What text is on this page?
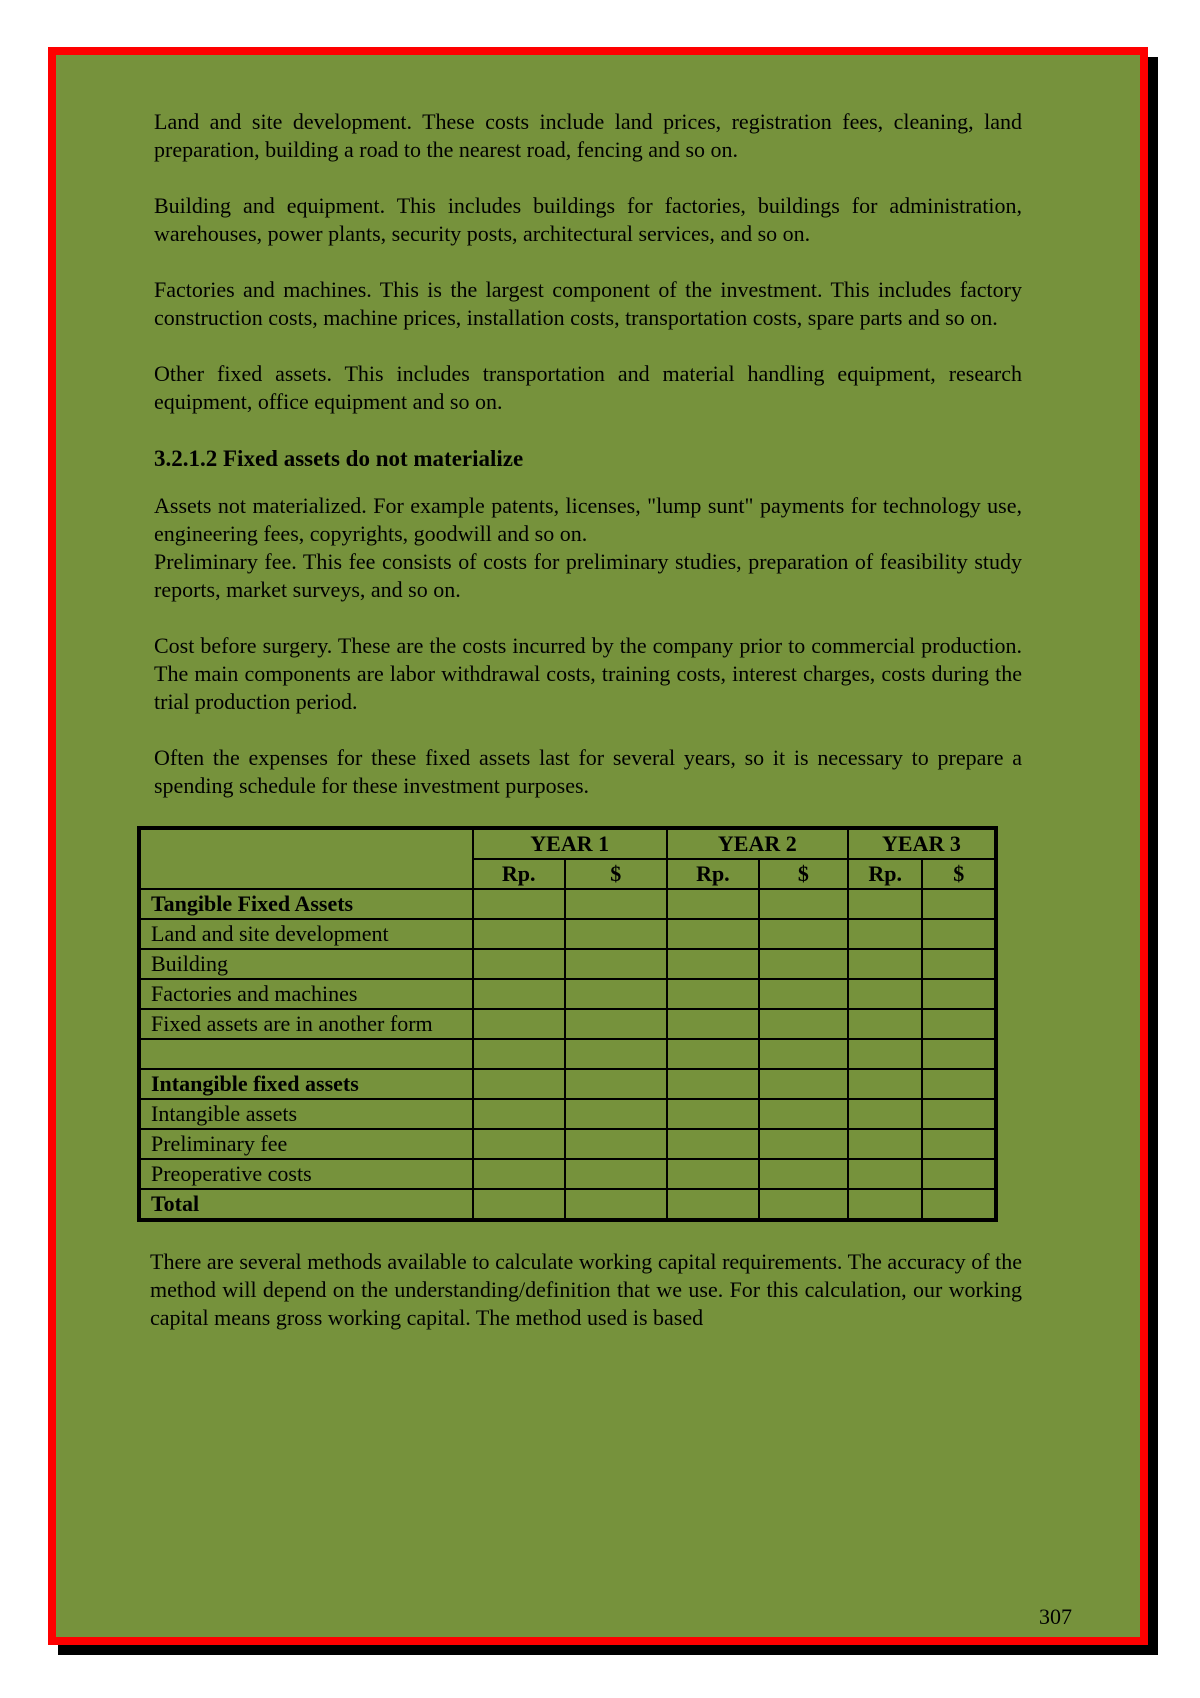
Land and site development. These costs include land prices, registration fees, cleaning, land preparation, building a road to the nearest road, fencing and so on.

Building and equipment. This includes buildings for factories, buildings for administration, warehouses, power plants, security posts, architectural services, and so on.

Factories and machines. This is the largest component of the investment. This includes factory construction costs, machine prices, installation costs, transportation costs, spare parts and so on.

Other fixed assets. This includes transportation and material handling equipment, research equipment, office equipment and so on.

3.2.1.2 Fixed assets do not materialize

Assets not materialized. For example patents, licenses, "lump sunt" payments for technology use, engineering fees, copyrights, goodwill and so on.

Preliminary fee. This fee consists of costs for preliminary studies, preparation of feasibility study reports, market surveys, and so on.

Cost before surgery. These are the costs incurred by the company prior to commercial production. The main components are labor withdrawal costs, training costs, interest charges, costs during the trial production period.

Often the expenses for these fixed assets last for several years, so it is necessary to prepare a spending schedule for these investment purposes.

	YEAR 1		YEAR 2		YEAR 3	
	Rp.	$	Rp.	$	Rp.	$
Tangible Fixed Assets						
Land and site development						
Building						
Factories and machines						
Fixed assets are in another form						

Intangible fixed assets						
Intangible assets						
Preliminary fee						
Preoperative costs						
Total						

There are several methods available to calculate working capital requirements. The accuracy of the method will depend on the understanding/definition that we use. For this calculation, our working capital means gross working capital. The method used is based

307
